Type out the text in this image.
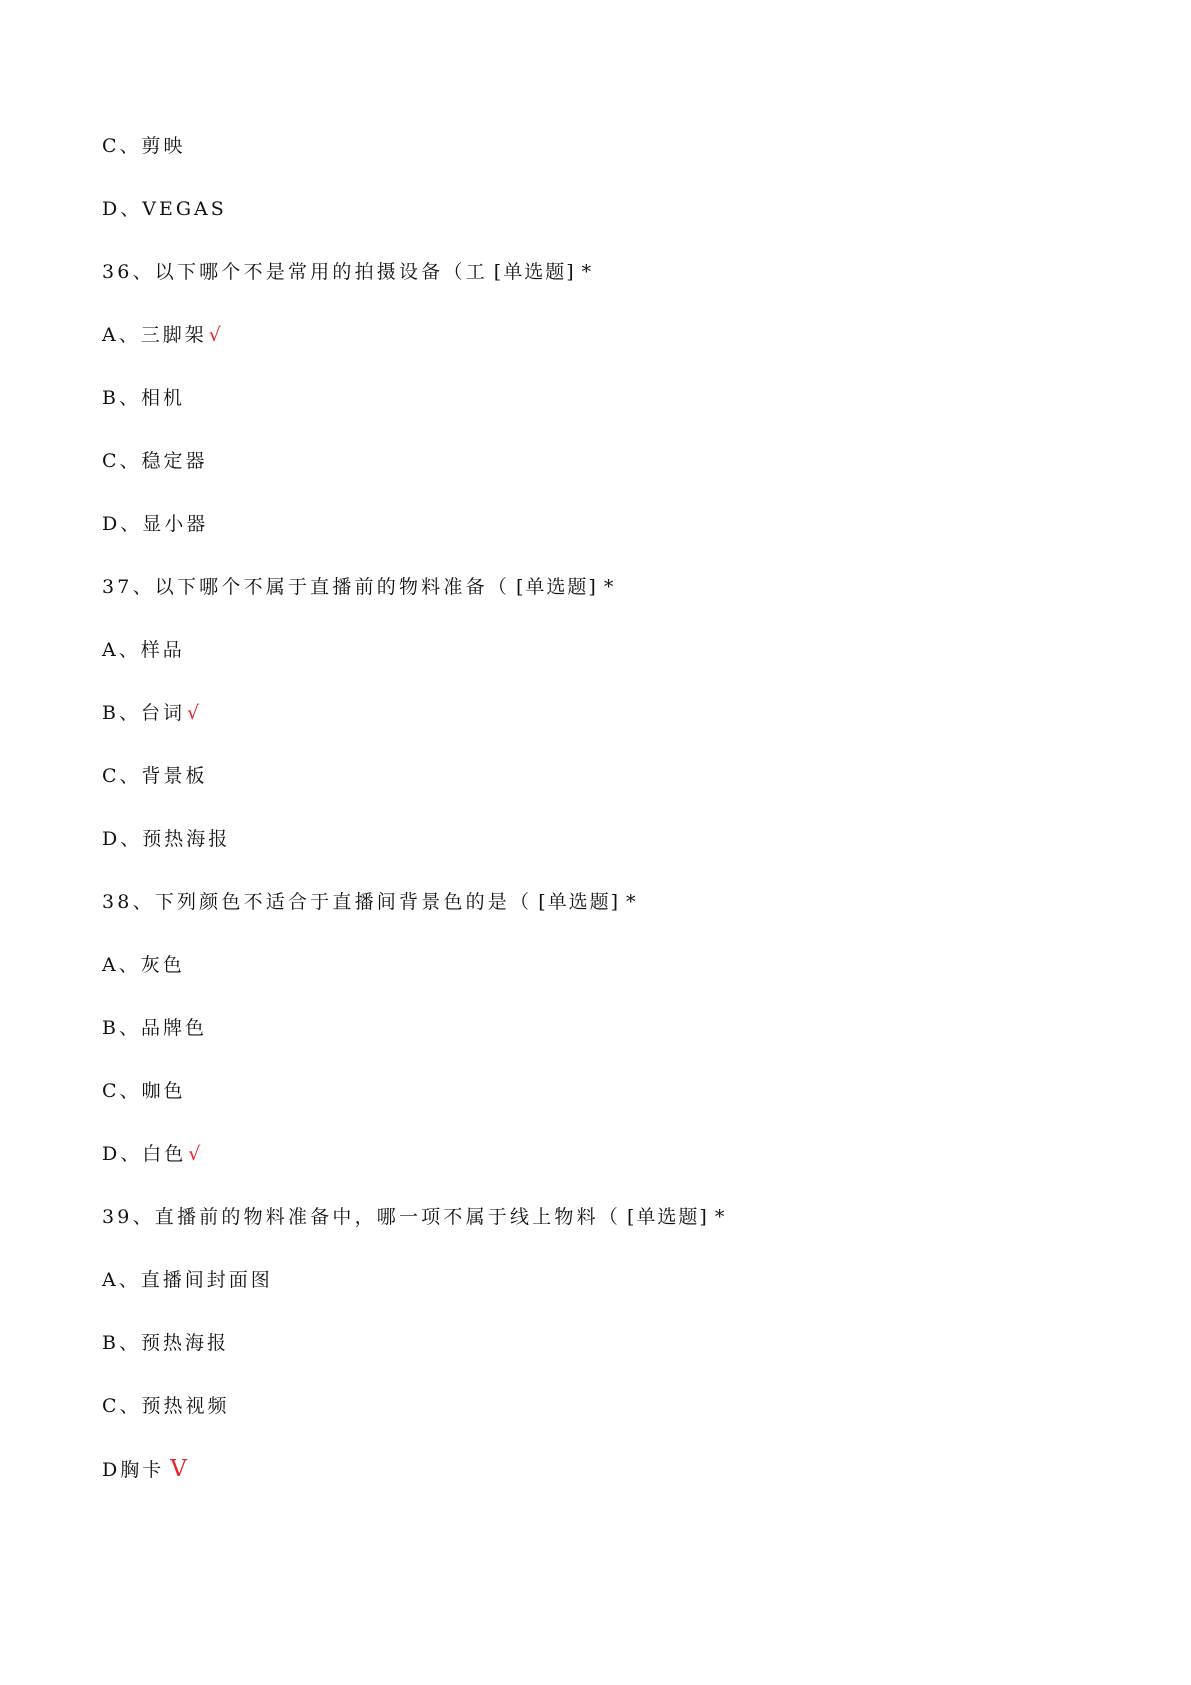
C、剪映
D、VEGAS
36、以下哪个不是常用的拍摄设备（工 [单选题] *
A、三脚架 √
B、相机
C、稳定器
D、显小器
37、以下哪个不属于直播前的物料准备（ [单选题] *
A、样品
B、台词 √
C、背景板
D、预热海报
38、下列颜色不适合于直播间背景色的是（ [单选题] *
A、灰色
B、品牌色
C、咖色
D、白色 √
39、直播前的物料准备中，哪一项不属于线上物料（ [单选题] *
A、直播间封面图
B、预热海报
C、预热视频
D胸卡 V
